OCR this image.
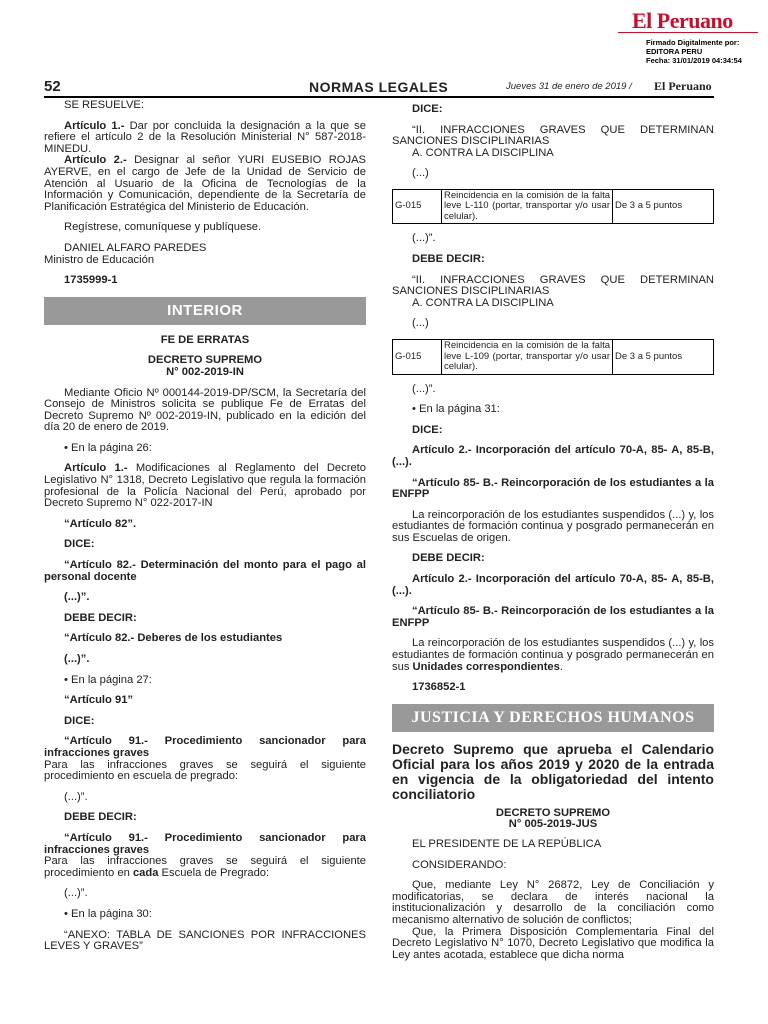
El Peruano
Firmado Digitalmente por:
EDITORA PERU
Fecha: 31/01/2019 04:34:54
52	NORMAS LEGALES	Jueves 31 de enero de 2019 / El Peruano

SE RESUELVE:

Artículo 1.- Dar por concluida la designación a la que se refiere el artículo 2 de la Resolución Ministerial N° 587-2018-MINEDU.

Artículo 2.- Designar al señor YURI EUSEBIO ROJAS AYERVE, en el cargo de Jefe de la Unidad de Servicio de Atención al Usuario de la Oficina de Tecnologías de la Información y Comunicación, dependiente de la Secretaría de Planificación Estratégica del Ministerio de Educación.

Regístrese, comuníquese y publíquese.

DANIEL ALFARO PAREDES
Ministro de Educación

1735999-1

INTERIOR

FE DE ERRATAS

DECRETO SUPREMO
N° 002-2019-IN

Mediante Oficio Nº 000144-2019-DP/SCM, la Secretaría del Consejo de Ministros solicita se publique Fe de Erratas del Decreto Supremo Nº 002-2019-IN, publicado en la edición del día 20 de enero de 2019.

• En la página 26:

Artículo 1.- Modificaciones al Reglamento del Decreto Legislativo N° 1318, Decreto Legislativo que regula la formación profesional de la Policía Nacional del Perú, aprobado por Decreto Supremo N° 022-2017-IN

“Artículo 82”.

DICE:

“Artículo 82.- Determinación del monto para el pago al personal docente

(...)”.

DEBE DECIR:

“Artículo 82.- Deberes de los estudiantes

(...)”.

• En la página 27:

“Artículo 91”

DICE:

“Artículo 91.- Procedimiento sancionador para infracciones graves
Para las infracciones graves se seguirá el siguiente procedimiento en escuela de pregrado:

(...)”.

DEBE DECIR:

“Artículo 91.- Procedimiento sancionador para infracciones graves
Para las infracciones graves se seguirá el siguiente procedimiento en cada Escuela de Pregrado:

(...)”.

• En la página 30:

“ANEXO: TABLA DE SANCIONES POR INFRACCIONES LEVES Y GRAVES”

DICE:

“II. INFRACCIONES GRAVES QUE DETERMINAN SANCIONES DISCIPLINARIAS

A. CONTRA LA DISCIPLINA

(...)

G-015	Reincidencia en la comisión de la falta leve L-110 (portar, transportar y/o usar celular).	De 3 a 5 puntos

(...)”.

DEBE DECIR:

“II. INFRACCIONES GRAVES QUE DETERMINAN SANCIONES DISCIPLINARIAS

A. CONTRA LA DISCIPLINA

(...)

G-015	Reincidencia en la comisión de la falta leve L-109 (portar, transportar y/o usar celular).	De 3 a 5 puntos

(...)”.

• En la página 31:

DICE:

Artículo 2.- Incorporación del artículo 70-A, 85- A, 85-B, (...).

“Artículo 85- B.- Reincorporación de los estudiantes a la ENFPP

La reincorporación de los estudiantes suspendidos (...) y, los estudiantes de formación continua y posgrado permanecerán en sus Escuelas de origen.

DEBE DECIR:

Artículo 2.- Incorporación del artículo 70-A, 85- A, 85-B, (...).

“Artículo 85- B.- Reincorporación de los estudiantes a la ENFPP

La reincorporación de los estudiantes suspendidos (...) y, los estudiantes de formación continua y posgrado permanecerán en sus Unidades correspondientes.

1736852-1

JUSTICIA Y DERECHOS HUMANOS
Decreto Supremo que aprueba el Calendario Oficial para los años 2019 y 2020 de la entrada en vigencia de la obligatoriedad del intento conciliatorio

DECRETO SUPREMO
N° 005-2019-JUS

EL PRESIDENTE DE LA REPÚBLICA

CONSIDERANDO:

Que, mediante Ley N° 26872, Ley de Conciliación y modificatorias, se declara de interés nacional la institucionalización y desarrollo de la conciliación como mecanismo alternativo de solución de conflictos;

Que, la Primera Disposición Complementaria Final del Decreto Legislativo N° 1070, Decreto Legislativo que modifica la Ley antes acotada, establece que dicha norma
